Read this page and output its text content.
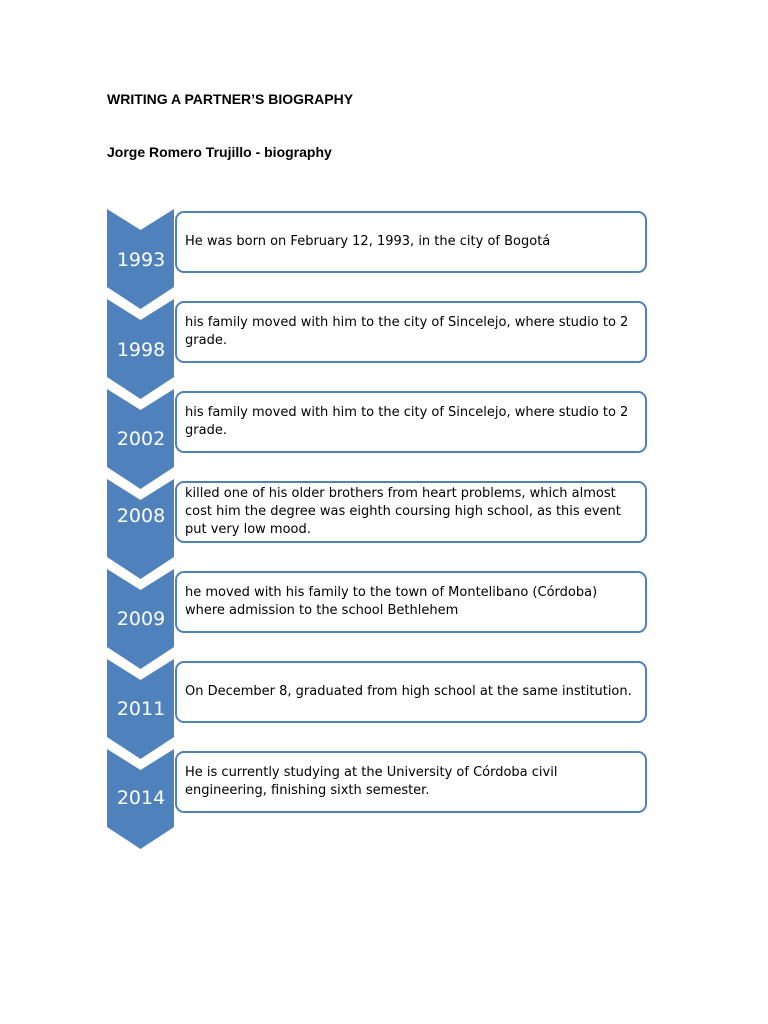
WRITING A PARTNER’S BIOGRAPHY
Jorge Romero Trujillo - biography
He was born on February 12, 1993, in the city of Bogotá
1993
his family moved with him to the city of Sincelejo, where studio to 2 grade.
1998
his family moved with him to the city of Sincelejo, where studio to 2 grade.
2002
killed one of his older brothers from heart problems, which almost cost him the degree was eighth coursing high school, as this event put very low mood.
2008
he moved with his family to the town of Montelibano (Córdoba) where admission to the school Bethlehem
2009
On December 8, graduated from high school at the same institution.
2011
He is currently studying at the University of Córdoba civil engineering, finishing sixth semester.
2014
